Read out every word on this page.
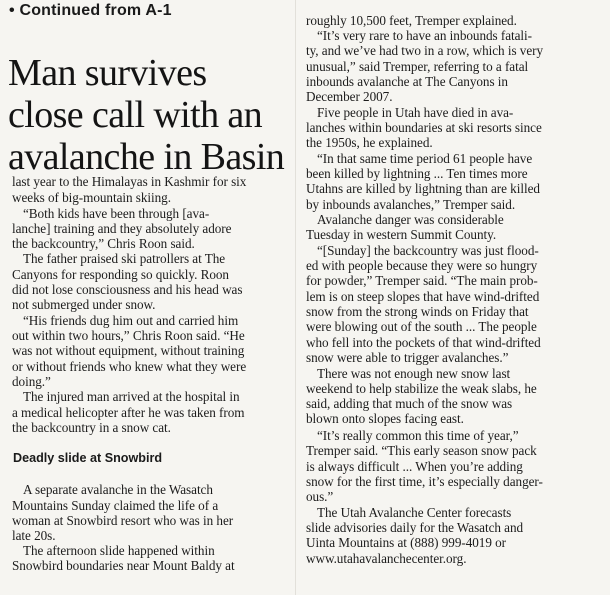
• Continued from A-1
Man survives
close call with an
avalanche in Basin
last year to the Himalayas in Kashmir for six
weeks of big-mountain skiing.
“Both kids have been through [ava-
lanche] training and they absolutely adore
the backcountry,” Chris Roon said.
The father praised ski patrollers at The
Canyons for responding so quickly. Roon
did not lose consciousness and his head was
not submerged under snow.
“His friends dug him out and carried him
out within two hours,” Chris Roon said. “He
was not without equipment, without training
or without friends who knew what they were
doing.”
The injured man arrived at the hospital in
a medical helicopter after he was taken from
the backcountry in a snow cat.
Deadly slide at Snowbird
A separate avalanche in the Wasatch
Mountains Sunday claimed the life of a
woman at Snowbird resort who was in her
late 20s.
The afternoon slide happened within
Snowbird boundaries near Mount Baldy at
roughly 10,500 feet, Tremper explained.
“It’s very rare to have an inbounds fatali-
ty, and we’ve had two in a row, which is very
unusual,” said Tremper, referring to a fatal
inbounds avalanche at The Canyons in
December 2007.
Five people in Utah have died in ava-
lanches within boundaries at ski resorts since
the 1950s, he explained.
“In that same time period 61 people have
been killed by lightning ... Ten times more
Utahns are killed by lightning than are killed
by inbounds avalanches,” Tremper said.
Avalanche danger was considerable
Tuesday in western Summit County.
“[Sunday] the backcountry was just flood-
ed with people because they were so hungry
for powder,” Tremper said. “The main prob-
lem is on steep slopes that have wind-drifted
snow from the strong winds on Friday that
were blowing out of the south ... The people
who fell into the pockets of that wind-drifted
snow were able to trigger avalanches.”
There was not enough new snow last
weekend to help stabilize the weak slabs, he
said, adding that much of the snow was
blown onto slopes facing east.
“It’s really common this time of year,”
Tremper said. “This early season snow pack
is always difficult ... When you’re adding
snow for the first time, it’s especially danger-
ous.”
The Utah Avalanche Center forecasts
slide advisories daily for the Wasatch and
Uinta Mountains at (888) 999-4019 or
www.utahavalanchecenter.org.
